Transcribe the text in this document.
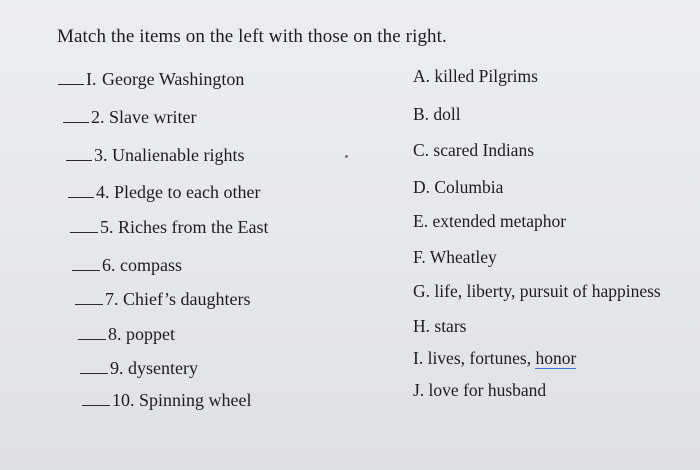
Match the items on the left with those on the right.
I. George Washington
2. Slave writer
3. Unalienable rights
4. Pledge to each other
5. Riches from the East
6. compass
7. Chief’s daughters
8. poppet
9. dysentery
10. Spinning wheel
A. killed Pilgrims
B. doll
C. scared Indians
D. Columbia
E. extended metaphor
F. Wheatley
G. life, liberty, pursuit of happiness
H. stars
I. lives, fortunes, honor
J. love for husband
